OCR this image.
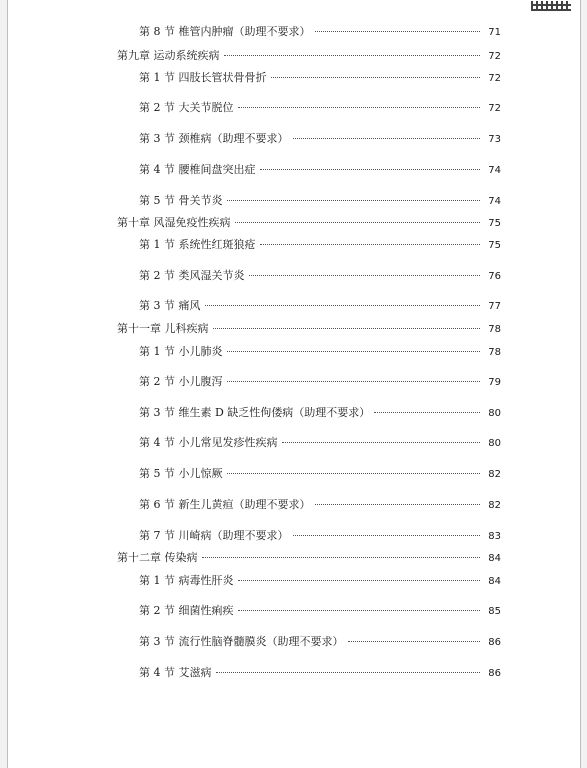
第 8 节 椎管内肿瘤（助理不要求）	71
第九章 运动系统疾病	72
第 1 节 四肢长管状骨骨折	72
第 2 节 大关节脱位	72
第 3 节 颈椎病（助理不要求）	73
第 4 节 腰椎间盘突出症	74
第 5 节 骨关节炎	74
第十章 风湿免疫性疾病	75
第 1 节 系统性红斑狼疮	75
第 2 节 类风湿关节炎	76
第 3 节 痛风	77
第十一章 儿科疾病	78
第 1 节 小儿肺炎	78
第 2 节 小儿腹泻	79
第 3 节 维生素 D 缺乏性佝偻病（助理不要求）	80
第 4 节 小儿常见发疹性疾病	80
第 5 节 小儿惊厥	82
第 6 节 新生儿黄疸（助理不要求）	82
第 7 节 川崎病（助理不要求）	83
第十二章 传染病	84
第 1 节 病毒性肝炎	84
第 2 节 细菌性痢疾	85
第 3 节 流行性脑脊髓膜炎（助理不要求）	86
第 4 节 艾滋病	86
